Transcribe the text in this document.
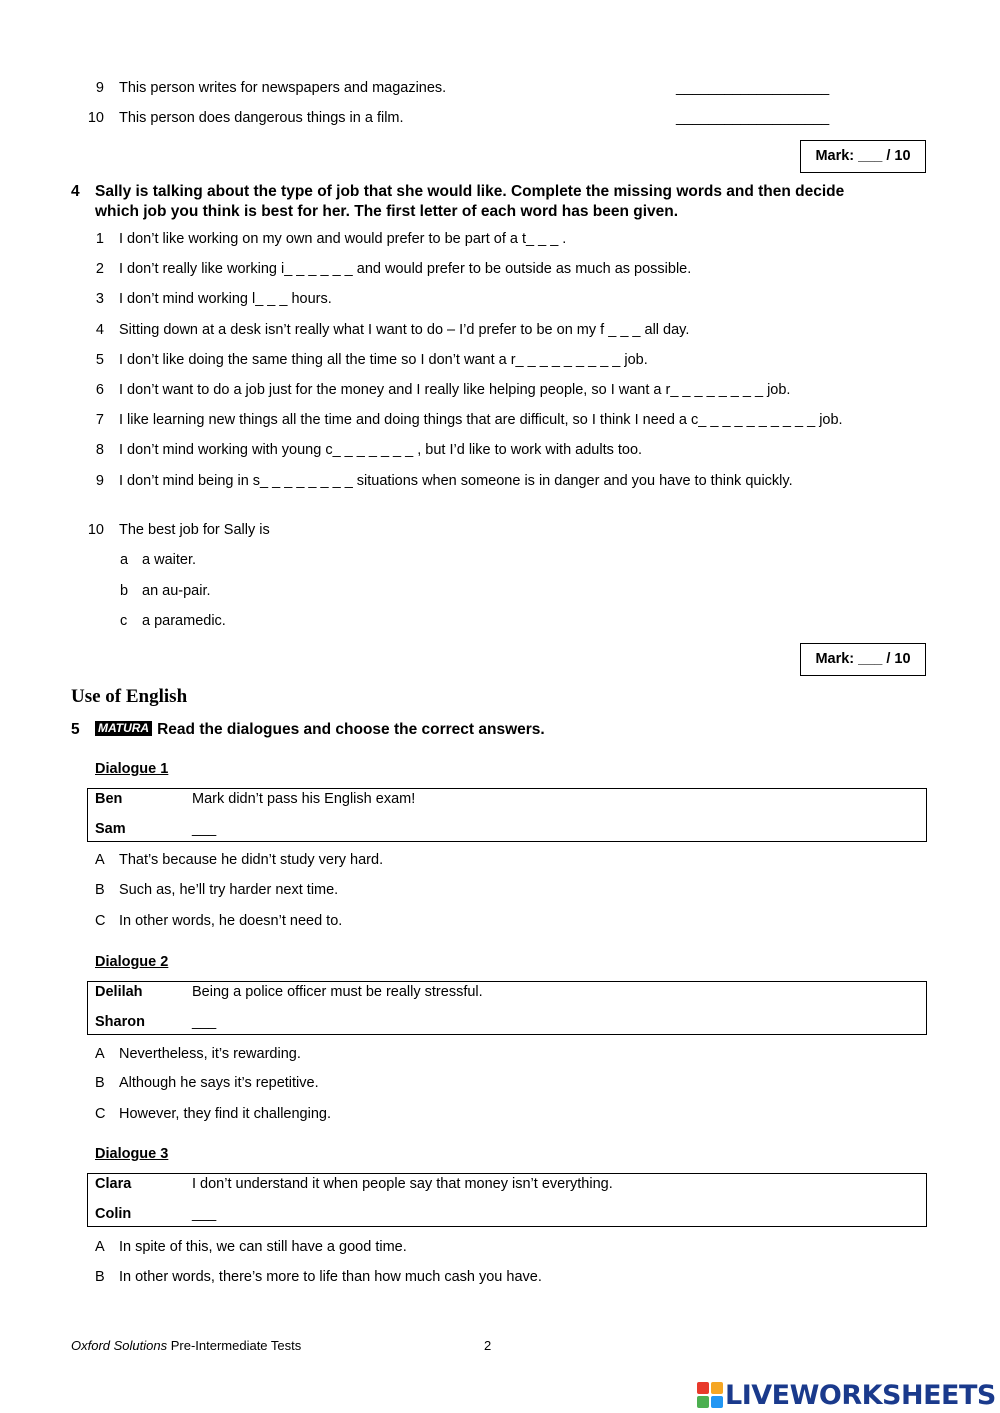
9 This person writes for newspapers and magazines.	___________________
10 This person does dangerous things in a film.	___________________
Mark: ___ / 10
4 Sally is talking about the type of job that she would like. Complete the missing words and then decide
which job you think is best for her. The first letter of each word has been given.
1 I don’t like working on my own and would prefer to be part of a t_ _ _ .
2 I don’t really like working i_ _ _ _ _ _ and would prefer to be outside as much as possible.
3 I don’t mind working l_ _ _ hours.
4 Sitting down at a desk isn’t really what I want to do – I’d prefer to be on my f _ _ _ all day.
5 I don’t like doing the same thing all the time so I don’t want a r_ _ _ _ _ _ _ _ _ job.
6 I don’t want to do a job just for the money and I really like helping people, so I want a r_ _ _ _ _ _ _ _ job.
7 I like learning new things all the time and doing things that are difficult, so I think I need a c_ _ _ _ _ _ _ _ _ _ job.
8 I don’t mind working with young c_ _ _ _ _ _ _ , but I’d like to work with adults too.
9 I don’t mind being in s_ _ _ _ _ _ _ _ situations when someone is in danger and you have to think quickly.
10 The best job for Sally is
a a waiter.
b an au-pair.
c a paramedic.
Mark: ___ / 10
Use of English
5 MATURA Read the dialogues and choose the correct answers.
Dialogue 1
Ben	Mark didn’t pass his English exam!
Sam	___
A That’s because he didn’t study very hard.
B Such as, he’ll try harder next time.
C In other words, he doesn’t need to.
Dialogue 2
Delilah	Being a police officer must be really stressful.
Sharon	___
A Nevertheless, it’s rewarding.
B Although he says it’s repetitive.
C However, they find it challenging.
Dialogue 3
Clara	I don’t understand it when people say that money isn’t everything.
Colin	___
A In spite of this, we can still have a good time.
B In other words, there’s more to life than how much cash you have.
Oxford Solutions Pre-Intermediate Tests	2
LIVEWORKSHEETS
